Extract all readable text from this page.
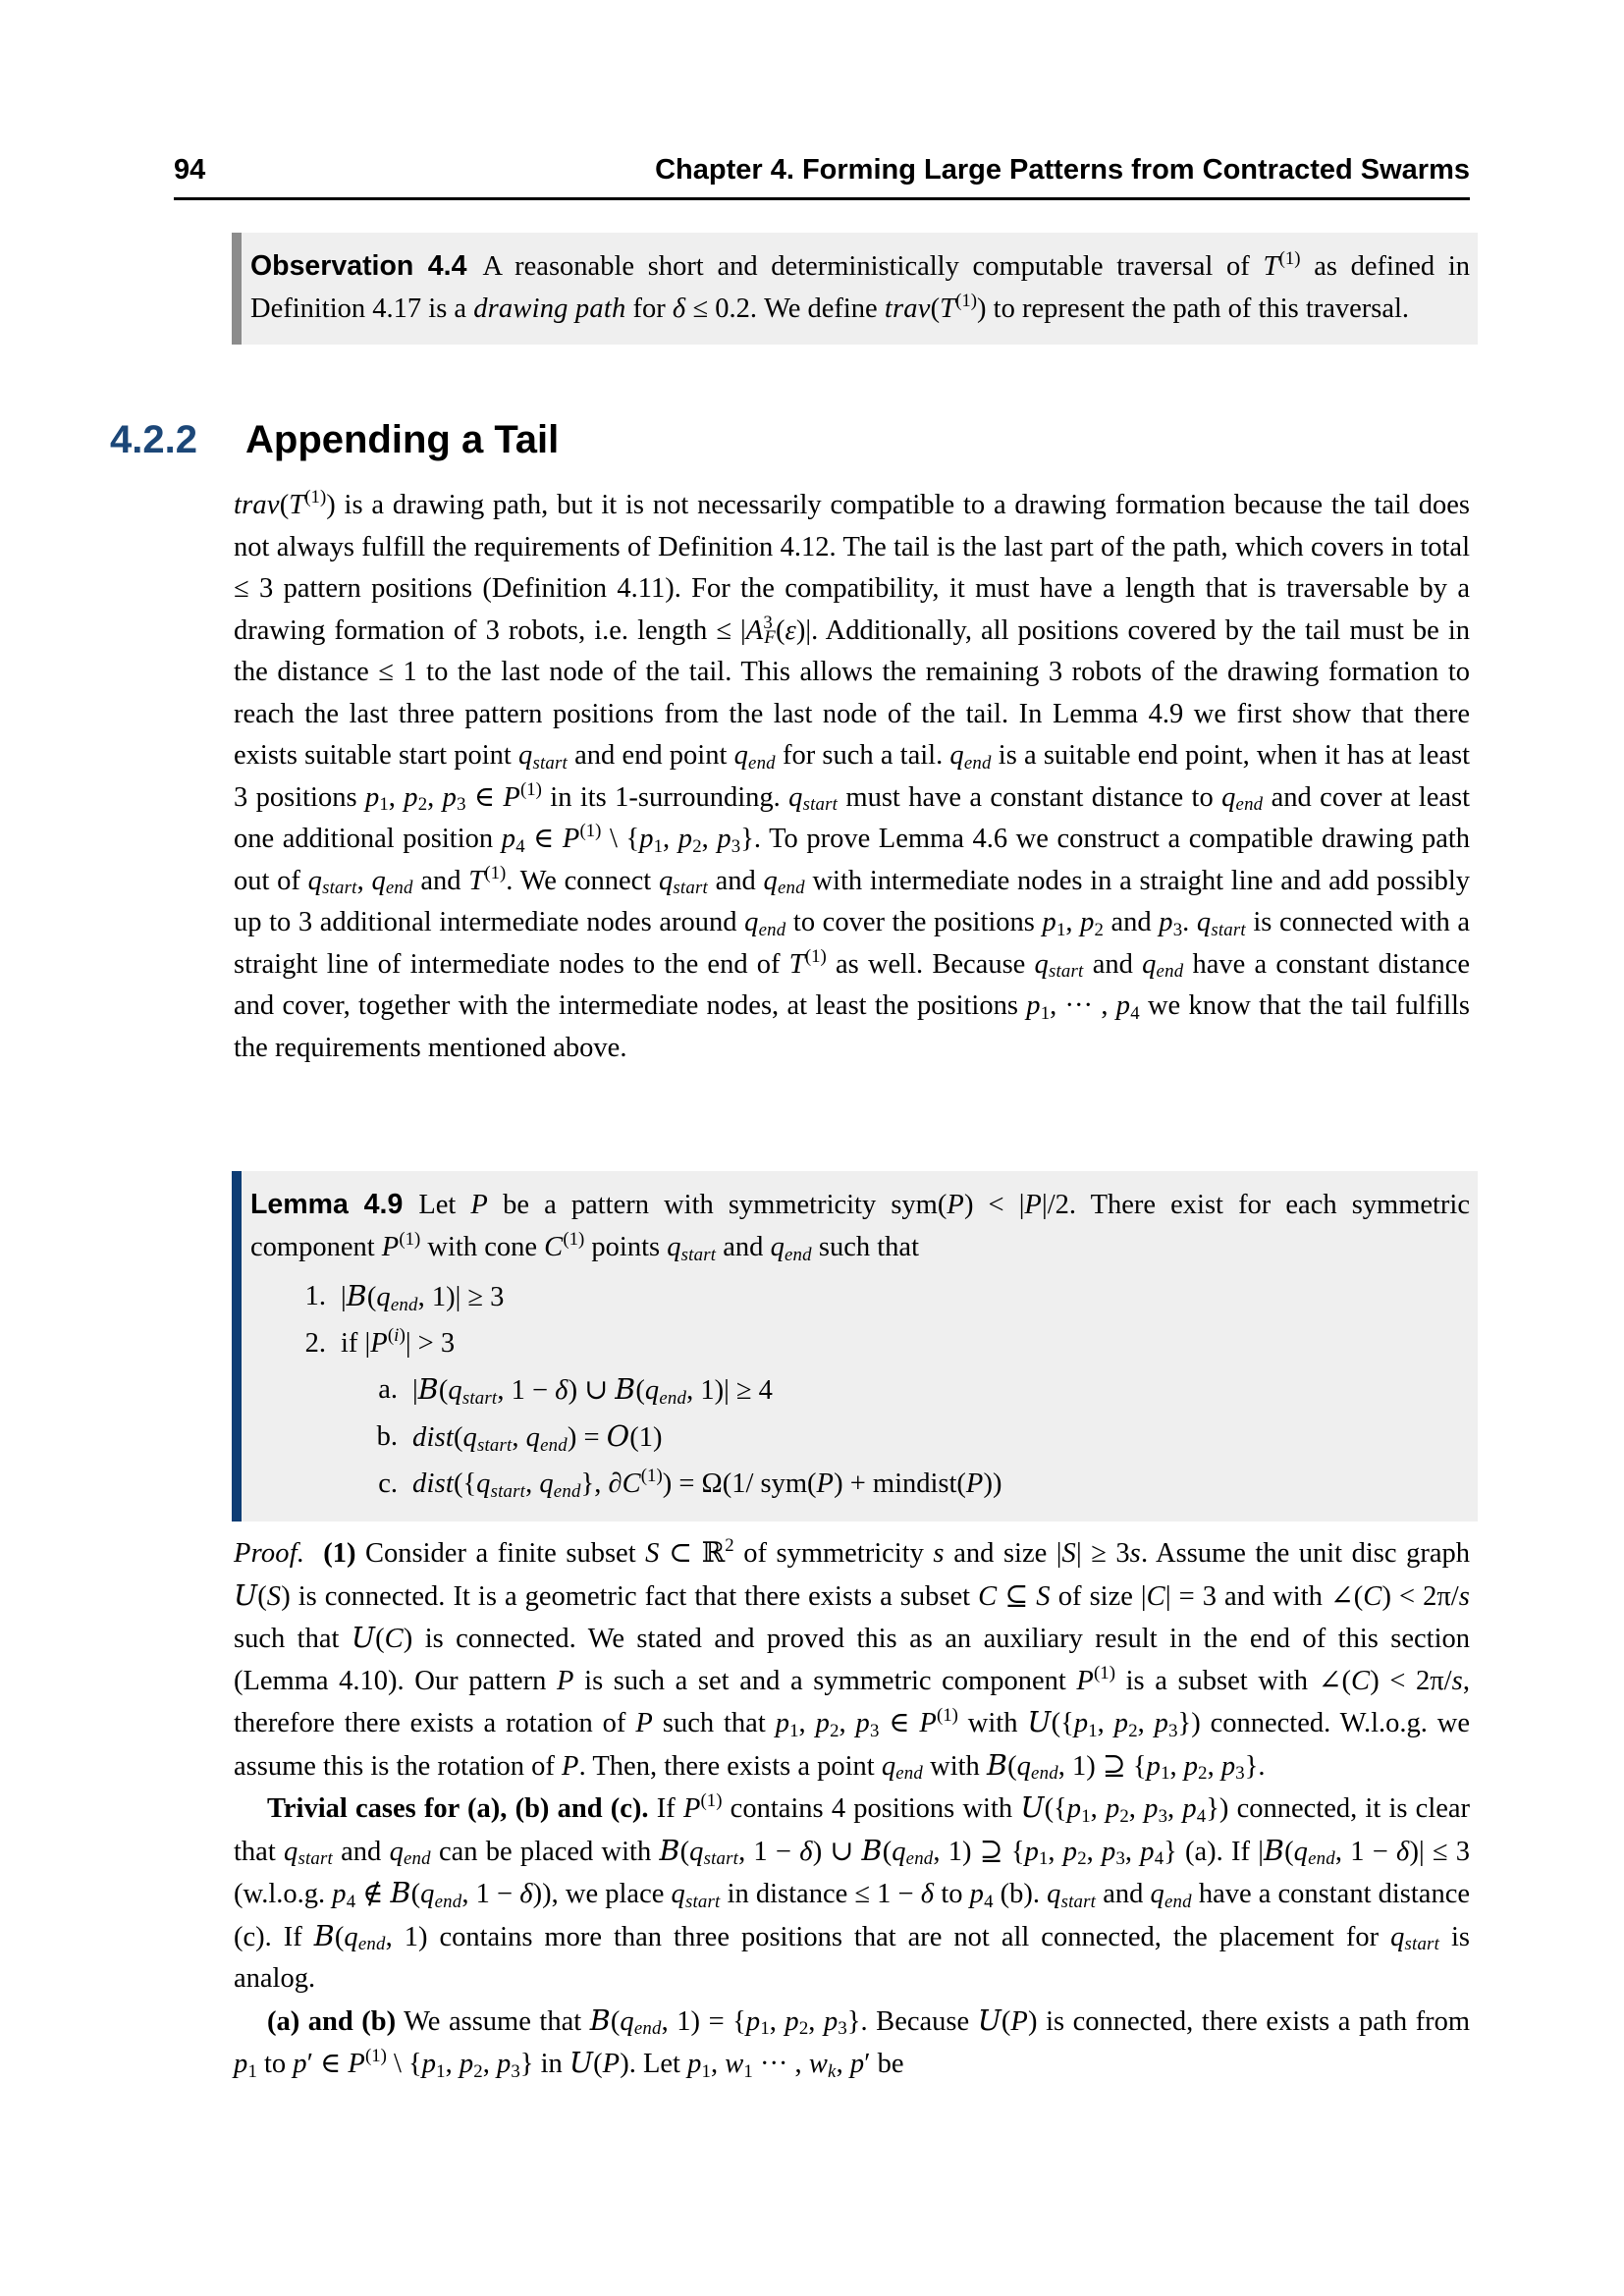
94	Chapter 4. Forming Large Patterns from Contracted Swarms
Observation 4.4 A reasonable short and deterministically computable traversal of $T^{(1)}$ as defined in Definition 4.17 is a drawing path for δ ≤ 0.2. We define $trav(T^{(1)})$ to represent the path of this traversal.
4.2.2	Appending a Tail
$trav(T^{(1)})$ is a drawing path, but it is not necessarily compatible to a drawing formation because the tail does not always fulfill the requirements of Definition 4.12. The tail is the last part of the path, which covers in total ≤ 3 pattern positions (Definition 4.11). For the compatibility, it must have a length that is traversable by a drawing formation of 3 robots, i.e. length ≤ $|A^3_F(\varepsilon)|$. Additionally, all positions covered by the tail must be in the distance ≤ 1 to the last node of the tail. This allows the remaining 3 robots of the drawing formation to reach the last three pattern positions from the last node of the tail. In Lemma 4.9 we first show that there exists suitable start point $q_{start}$ and end point $q_{end}$ for such a tail. $q_{end}$ is a suitable end point, when it has at least 3 positions $p_1$, $p_2$, $p_3$ ∈ $P^{(1)}$ in its 1-surrounding. $q_{start}$ must have a constant distance to $q_{end}$ and cover at least one additional position $p_4$ ∈ $P^{(1)}$ \ {$p_1$, $p_2$, $p_3$}. To prove Lemma 4.6 we construct a compatible drawing path out of $q_{start}$, $q_{end}$ and $T^{(1)}$. We connect $q_{start}$ and $q_{end}$ with intermediate nodes in a straight line and add possibly up to 3 additional intermediate nodes around $q_{end}$ to cover the positions $p_1$, $p_2$ and $p_3$. $q_{start}$ is connected with a straight line of intermediate nodes to the end of $T^{(1)}$ as well. Because $q_{start}$ and $q_{end}$ have a constant distance and cover, together with the intermediate nodes, at least the positions $p_1$, ··· , $p_4$ we know that the tail fulfills the requirements mentioned above.
Lemma 4.9 Let P be a pattern with symmetricity sym(P) < |P|/2. There exist for each symmetric component $P^{(1)}$ with cone $C^{(1)}$ points $q_{start}$ and $q_{end}$ such that
1. $|B(q_{end}$, 1)| ≥ 3
2. if $|P^{(i)}| > 3$
a. $|B(q_{start}$, 1 − δ) ∪ $B(q_{end}$, 1)| ≥ 4
b. $dist(q_{start}$, $q_{end}) = O(1)$
c. $dist(\{q_{start}$, $q_{end}$}, $\partial C^{(1)}) = \Omega(1/$ sym(P) + mindist(P))

Proof. (1) Consider a finite subset S ⊂ ℝ$^2$ of symmetricity s and size |S| ≥ 3s. Assume the unit disc graph U(S) is connected. It is a geometric fact that there exists a subset C ⊆ S of size |C| = 3 and with ∠(C) < 2π/s such that U(C) is connected. We stated and proved this as an auxiliary result in the end of this section (Lemma 4.10). Our pattern P is such a set and a symmetric component $P^{(1)}$ is a subset with ∠(C) < 2π/s, therefore there exists a rotation of P such that $p_1$, $p_2$, $p_3$ ∈ $P^{(1)}$ with $U(\{p_1$, $p_2$, $p_3$}) connected. W.l.o.g. we assume this is the rotation of P. Then, there exists a point $q_{end}$ with $B(q_{end}$, 1) ⊇ {$p_1$, $p_2$, $p_3$}.

Trivial cases for (a), (b) and (c). If $P^{(1)}$ contains 4 positions with $U(\{p_1$, $p_2$, $p_3$, $p_4$}) connected, it is clear that $q_{start}$ and $q_{end}$ can be placed with $B(q_{start}$, 1 − δ) ∪ $B(q_{end}$, 1) ⊇ {$p_1$, $p_2$, $p_3$, $p_4$} (a). If $|B(q_{end}$, 1 − δ)| ≤ 3 (w.l.o.g. $p_4$ ∉ $B(q_{end}$, 1 − δ)), we place $q_{start}$ in distance ≤ 1 − δ to $p_4$ (b). $q_{start}$ and $q_{end}$ have a constant distance (c). If $B(q_{end}$, 1) contains more than three positions that are not all connected, the placement for $q_{start}$ is analog.

(a) and (b) We assume that $B(q_{end}$, $1) = \{p_1$, $p_2$, $p_3$}. Because U(P) is connected, there exists a path from $p_1$ to p′ ∈ $P^{(1)}$ \ {$p_1$, $p_2$, $p_3$} in U(P). Let $p_1$, $w_1$ ··· , $w_k$, p′ be
